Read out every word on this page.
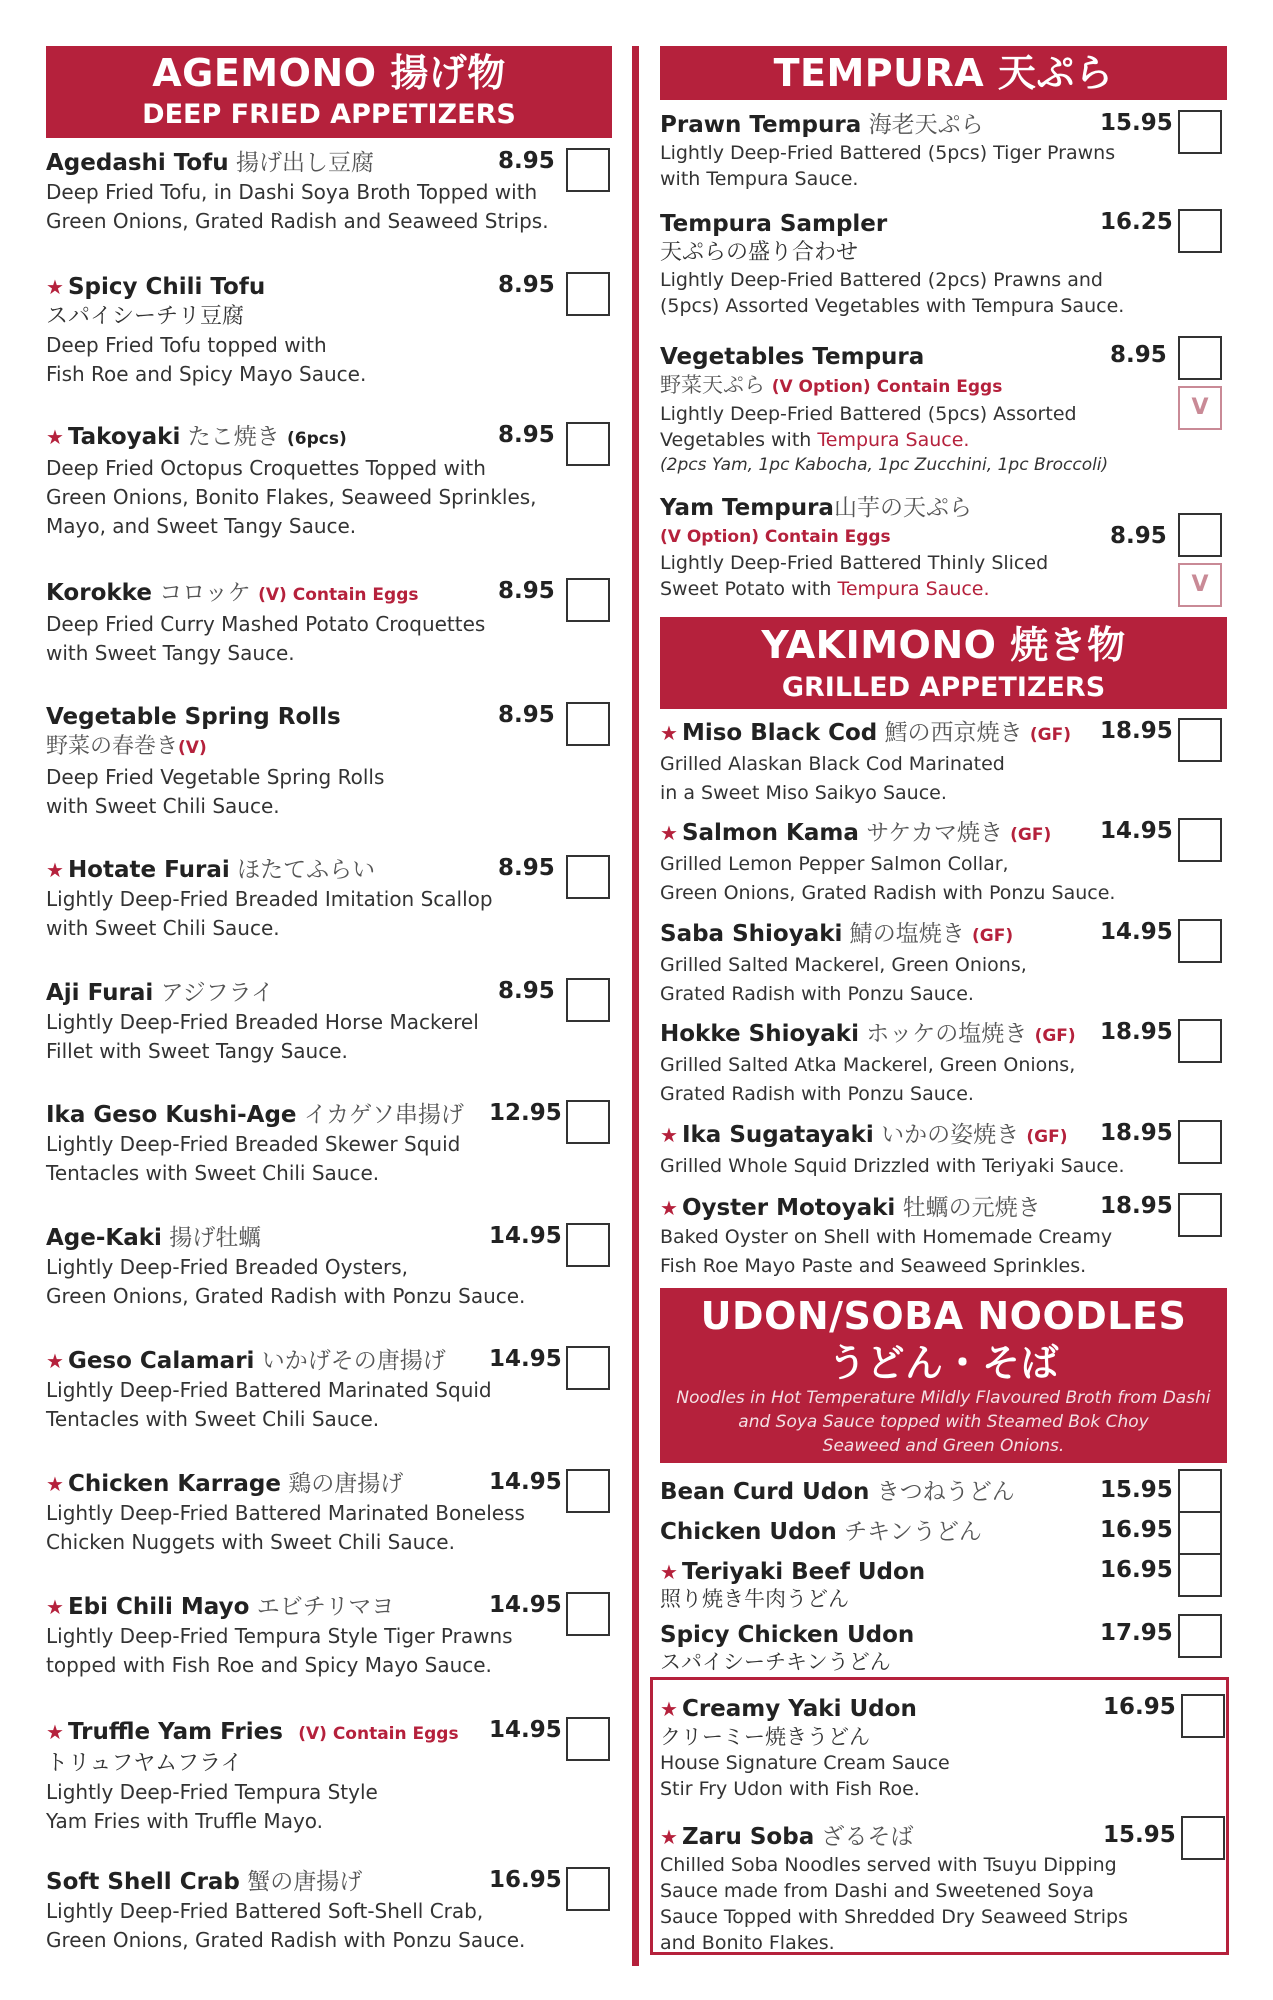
AGEMONO 揚げ物
DEEP FRIED APPETIZERS
Agedashi Tofu 揚げ出し豆腐	8.95
Deep Fried Tofu, in Dashi Soya Broth Topped with
Green Onions, Grated Radish and Seaweed Strips.
★ Spicy Chili Tofu	8.95
スパイシーチリ豆腐
Deep Fried Tofu topped with
Fish Roe and Spicy Mayo Sauce.
★ Takoyaki たこ焼き (6pcs)	8.95
Deep Fried Octopus Croquettes Topped with
Green Onions, Bonito Flakes, Seaweed Sprinkles,
Mayo, and Sweet Tangy Sauce.
Korokke コロッケ (V) Contain Eggs	8.95
Deep Fried Curry Mashed Potato Croquettes
with Sweet Tangy Sauce.
Vegetable Spring Rolls	8.95
野菜の春巻き(V)
Deep Fried Vegetable Spring Rolls
with Sweet Chili Sauce.
★ Hotate Furai ほたてふらい	8.95
Lightly Deep-Fried Breaded Imitation Scallop
with Sweet Chili Sauce.
Aji Furai アジフライ	8.95
Lightly Deep-Fried Breaded Horse Mackerel
Fillet with Sweet Tangy Sauce.
Ika Geso Kushi-Age イカゲソ串揚げ	12.95
Lightly Deep-Fried Breaded Skewer Squid
Tentacles with Sweet Chili Sauce.
Age-Kaki 揚げ牡蠣	14.95
Lightly Deep-Fried Breaded Oysters,
Green Onions, Grated Radish with Ponzu Sauce.
★ Geso Calamari いかげその唐揚げ	14.95
Lightly Deep-Fried Battered Marinated Squid
Tentacles with Sweet Chili Sauce.
★ Chicken Karrage 鶏の唐揚げ	14.95
Lightly Deep-Fried Battered Marinated Boneless
Chicken Nuggets with Sweet Chili Sauce.
★ Ebi Chili Mayo エビチリマヨ	14.95
Lightly Deep-Fried Tempura Style Tiger Prawns
topped with Fish Roe and Spicy Mayo Sauce.
★ Truffle Yam Fries (V) Contain Eggs	14.95
トリュフヤムフライ
Lightly Deep-Fried Tempura Style
Yam Fries with Truffle Mayo.
Soft Shell Crab 蟹の唐揚げ	16.95
Lightly Deep-Fried Battered Soft-Shell Crab,
Green Onions, Grated Radish with Ponzu Sauce.
TEMPURA 天ぷら
Prawn Tempura 海老天ぷら	15.95
Lightly Deep-Fried Battered (5pcs) Tiger Prawns
with Tempura Sauce.
Tempura Sampler	16.25
天ぷらの盛り合わせ
Lightly Deep-Fried Battered (2pcs) Prawns and
(5pcs) Assorted Vegetables with Tempura Sauce.
Vegetables Tempura	8.95
V
野菜天ぷら (V Option) Contain Eggs
Lightly Deep-Fried Battered (5pcs) Assorted
Vegetables with Tempura Sauce.
(2pcs Yam, 1pc Kabocha, 1pc Zucchini, 1pc Broccoli)
Yam Tempura山芋の天ぷら
(V Option) Contain Eggs	8.95
V
Lightly Deep-Fried Battered Thinly Sliced
Sweet Potato with Tempura Sauce.
YAKIMONO 焼き物
GRILLED APPETIZERS
★ Miso Black Cod 鱈の西京焼き (GF)	18.95
Grilled Alaskan Black Cod Marinated
in a Sweet Miso Saikyo Sauce.
★ Salmon Kama サケカマ焼き (GF)	14.95
Grilled Lemon Pepper Salmon Collar,
Green Onions, Grated Radish with Ponzu Sauce.
Saba Shioyaki 鯖の塩焼き (GF)	14.95
Grilled Salted Mackerel, Green Onions,
Grated Radish with Ponzu Sauce.
Hokke Shioyaki ホッケの塩焼き (GF)	18.95
Grilled Salted Atka Mackerel, Green Onions,
Grated Radish with Ponzu Sauce.
★ Ika Sugatayaki いかの姿焼き (GF)	18.95
Grilled Whole Squid Drizzled with Teriyaki Sauce.
★ Oyster Motoyaki 牡蠣の元焼き	18.95
Baked Oyster on Shell with Homemade Creamy
Fish Roe Mayo Paste and Seaweed Sprinkles.
UDON/SOBA NOODLES
うどん・そば
Noodles in Hot Temperature Mildly Flavoured Broth from Dashi
and Soya Sauce topped with Steamed Bok Choy
Seaweed and Green Onions.
Bean Curd Udon きつねうどん	15.95
Chicken Udon チキンうどん	16.95
★ Teriyaki Beef Udon	16.95
照り焼き牛肉うどん
Spicy Chicken Udon	17.95
スパイシーチキンうどん
★ Creamy Yaki Udon	16.95
クリーミー焼きうどん
House Signature Cream Sauce
Stir Fry Udon with Fish Roe.
★ Zaru Soba ざるそば	15.95
Chilled Soba Noodles served with Tsuyu Dipping
Sauce made from Dashi and Sweetened Soya
Sauce Topped with Shredded Dry Seaweed Strips
and Bonito Flakes.
